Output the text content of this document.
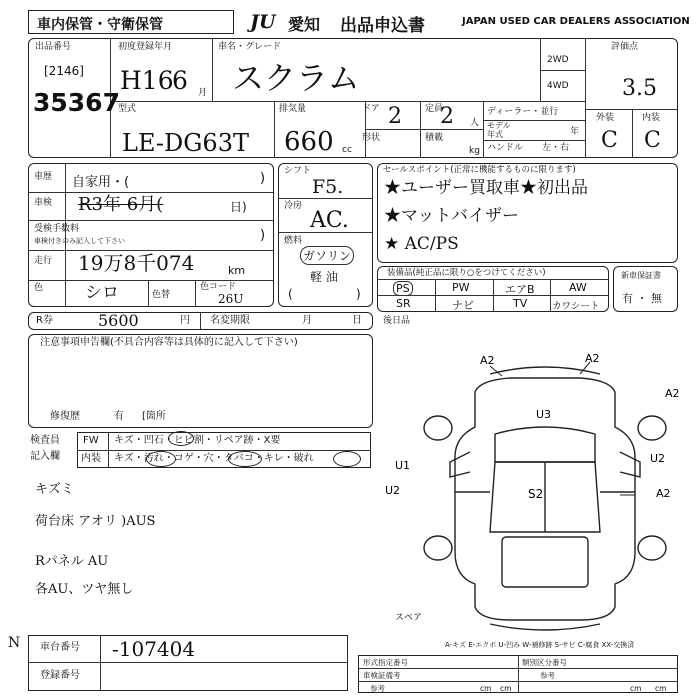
車内保管・守衛保管	JU 愛知 出品申込書	JAPAN USED CAR DEALERS ASSOCIATION
出品番号
[2146]
35367
初度登録年月
H16
6 月
車名・グレード
スクラム	2WD
4WD
評価点
3.5
外装	内装
C C
型式
LE-DG63T
排気量
660 cc
ドア 2	定員
2 人
形状	積載
kg
ディーラー・並行
モデル
年式	年
ハンドル 左・右
車歴 自家用・(	)
車検 R3年 6月(	日)
受検手数料
車検付きのみ記入して下さい	)
走行 19万8千074	km
色 シロ	色替
色コード
26U
シフト
F5.
冷房
AC.
燃料
ガソリン
軽 油
(	)
セールスポイント(正常に機能するものに限ります)
★ユーザー買取車★初出品
★マットバイザー
★ AC/PS
装備品(純正品に限り○をつけてください)
PS	PW	エアB	AW
SR	ナビ	TV	カワシート
新車保証書
有 ・ 無
R券	5600	円 名変期限	月	日 後日品
注意事項申告欄(不具合内容等は具体的に記入して下さい)
修復歴	有 [箇所
検査員
記入欄
FW キズ・凹石・ヒビ割・リペア跡・X要
内装 キズ・汚れ・コゲ・穴・タバコ・キレ・破れ
キズミ
荷台床 アオリ )AUS
Rパネル AU
各AU、ツヤ無し
A2	A2
U3
A2
U1
U2	S2
U2
A2
スペア
A-キズ E-エクボ U-凹み W-補修跡 S-サビ C-腐食 XX-交換済
N 車台番号 -107404
登録番号
形式指定番号	類別区分番号
車検証備考
参考
参考
cm cm	cm cm
